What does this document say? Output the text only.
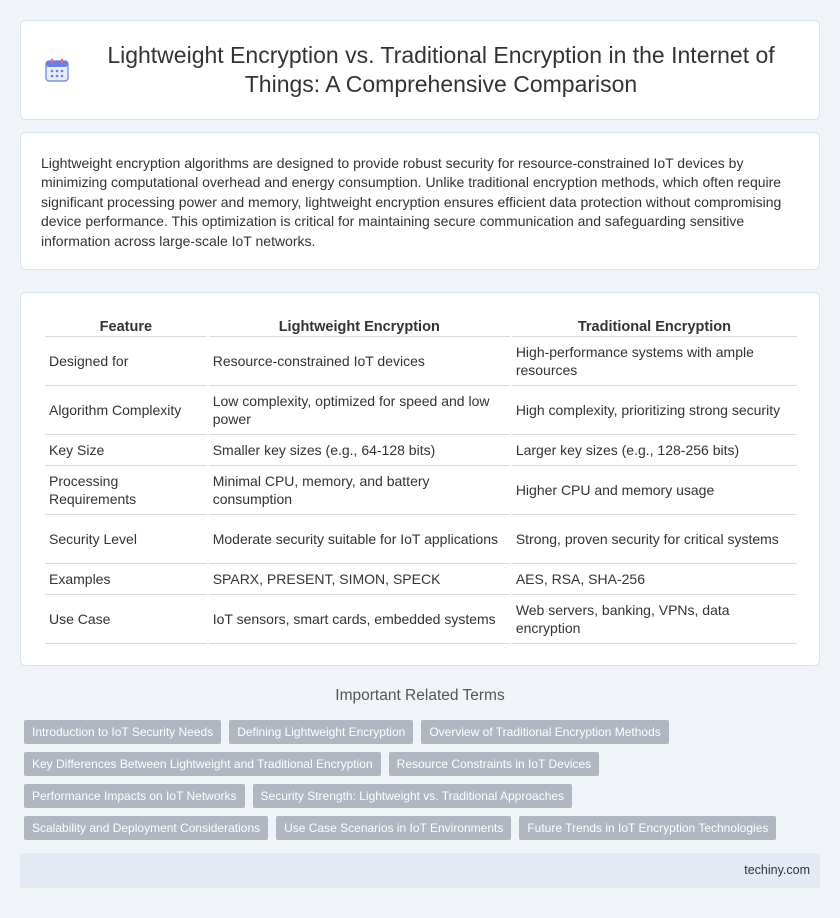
Lightweight Encryption vs. Traditional Encryption in the Internet of Things: A Comprehensive Comparison

Lightweight encryption algorithms are designed to provide robust security for resource-constrained IoT devices by minimizing computational overhead and energy consumption. Unlike traditional encryption methods, which often require significant processing power and memory, lightweight encryption ensures efficient data protection without compromising device performance. This optimization is critical for maintaining secure communication and safeguarding sensitive information across large-scale IoT networks.

Feature	Lightweight Encryption	Traditional Encryption
Designed for	Resource-constrained IoT devices	High-performance systems with ample resources
Algorithm Complexity	Low complexity, optimized for speed and low power	High complexity, prioritizing strong security
Key Size	Smaller key sizes (e.g., 64-128 bits)	Larger key sizes (e.g., 128-256 bits)
Processing Requirements	Minimal CPU, memory, and battery consumption	Higher CPU and memory usage
Security Level	Moderate security suitable for IoT applications	Strong, proven security for critical systems
Examples	SPARX, PRESENT, SIMON, SPECK	AES, RSA, SHA-256
Use Case	IoT sensors, smart cards, embedded systems	Web servers, banking, VPNs, data encryption
Important Related Terms
Introduction to IoT Security Needs	Defining Lightweight Encryption	Overview of Traditional Encryption Methods
Key Differences Between Lightweight and Traditional Encryption	Resource Constraints in IoT Devices
Performance Impacts on IoT Networks	Security Strength: Lightweight vs. Traditional Approaches
Scalability and Deployment Considerations	Use Case Scenarios in IoT Environments	Future Trends in IoT Encryption Technologies
techiny.com
